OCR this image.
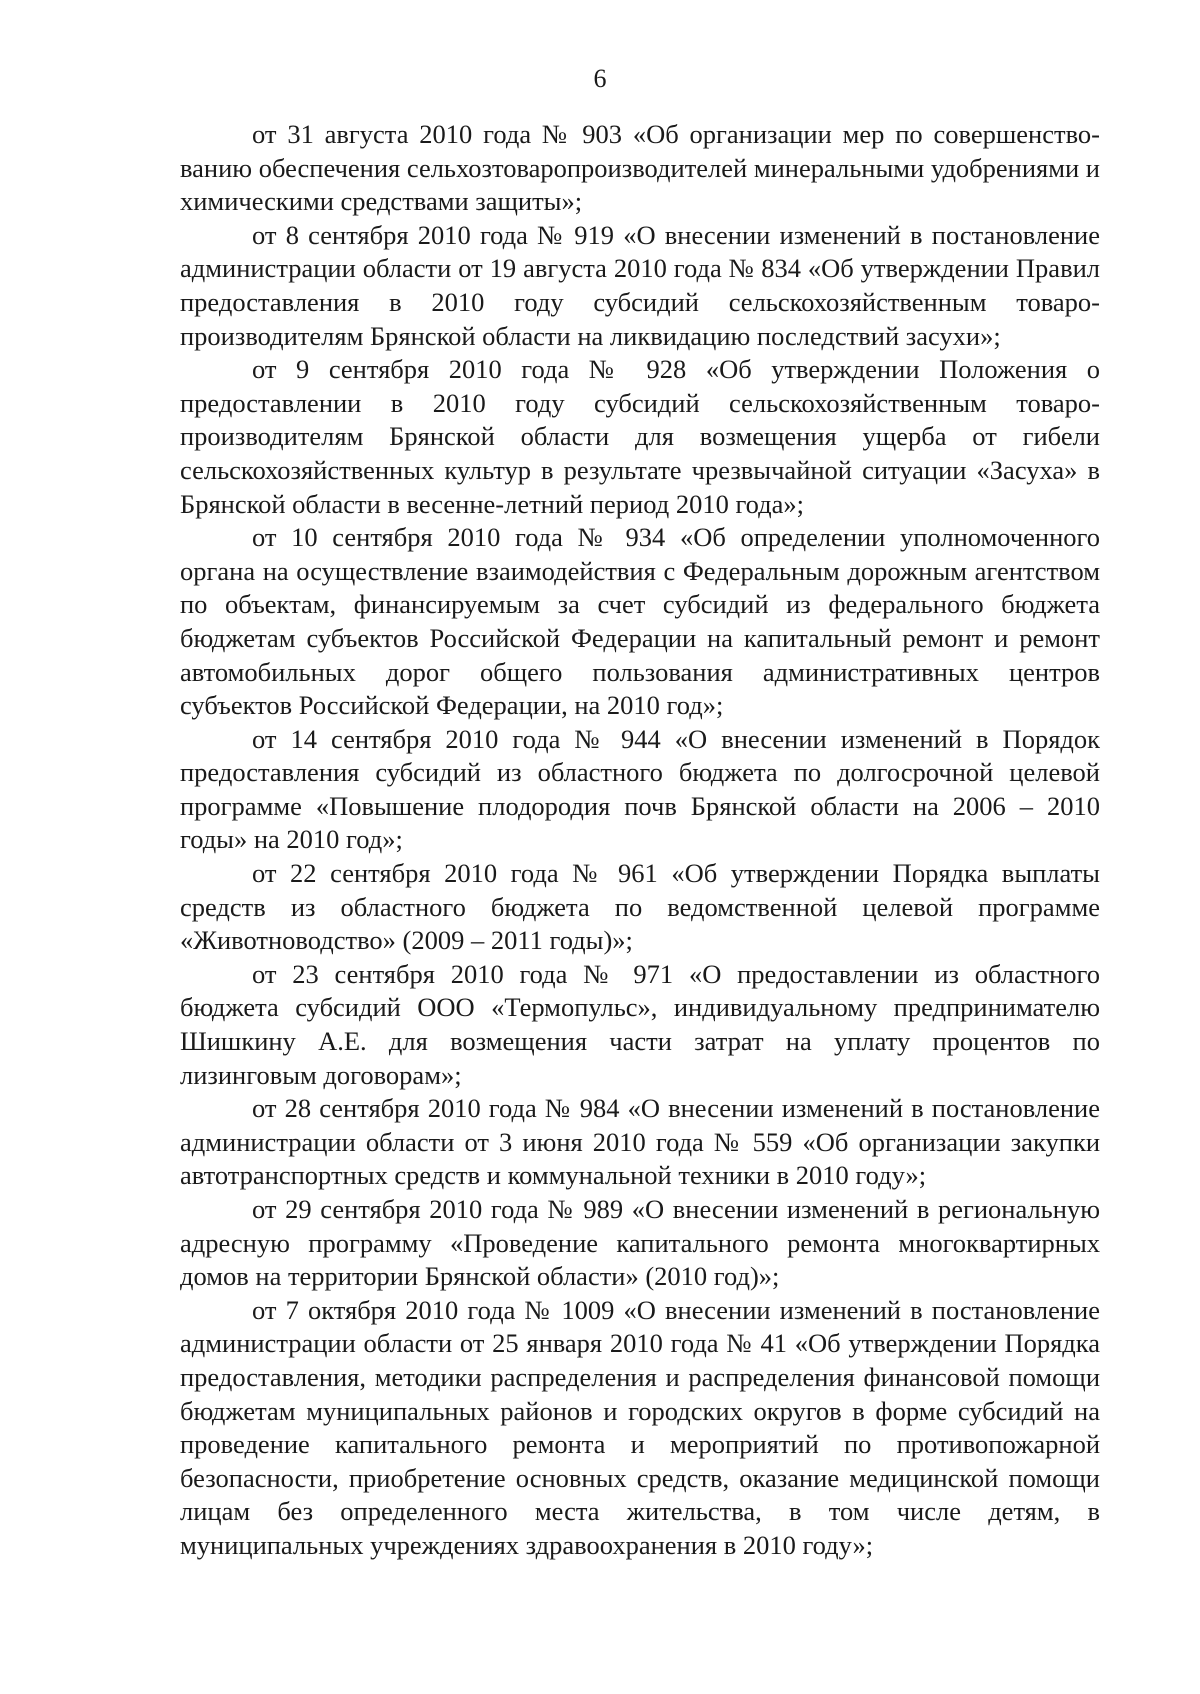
6

от 31 августа 2010 года № 903 «Об организации мер по совершенствованию обеспечения сельхозтоваропроизводителей минеральными удобрениями и химическими средствами защиты»;

от 8 сентября 2010 года № 919 «О внесении изменений в постановление администрации области от 19 августа 2010 года № 834 «Об утверждении Правил предоставления в 2010 году субсидий сельскохозяйственным товаропроизводителям Брянской области на ликвидацию последствий засухи»;

от 9 сентября 2010 года № 928 «Об утверждении Положения о предоставлении в 2010 году субсидий сельскохозяйственным товаропроизводителям Брянской области для возмещения ущерба от гибели сельскохозяйственных культур в результате чрезвычайной ситуации «Засуха» в Брянской области в весенне-летний период 2010 года»;

от 10 сентября 2010 года № 934 «Об определении уполномоченного органа на осуществление взаимодействия с Федеральным дорожным агентством по объектам, финансируемым за счет субсидий из федерального бюджета бюджетам субъектов Российской Федерации на капитальный ремонт и ремонт автомобильных дорог общего пользования административных центров субъектов Российской Федерации, на 2010 год»;

от 14 сентября 2010 года № 944 «О внесении изменений в Порядок предоставления субсидий из областного бюджета по долгосрочной целевой программе «Повышение плодородия почв Брянской области на 2006 – 2010 годы» на 2010 год»;

от 22 сентября 2010 года № 961 «Об утверждении Порядка выплаты средств из областного бюджета по ведомственной целевой программе «Животноводство» (2009 – 2011 годы)»;

от 23 сентября 2010 года № 971 «О предоставлении из областного бюджета субсидий ООО «Термопульс», индивидуальному предпринимателю Шишкину А.Е. для возмещения части затрат на уплату процентов по лизинговым договорам»;

от 28 сентября 2010 года № 984 «О внесении изменений в постановление администрации области от 3 июня 2010 года № 559 «Об организации закупки автотранспортных средств и коммунальной техники в 2010 году»;

от 29 сентября 2010 года № 989 «О внесении изменений в региональную адресную программу «Проведение капитального ремонта многоквартирных домов на территории Брянской области» (2010 год)»;

от 7 октября 2010 года № 1009 «О внесении изменений в постановление администрации области от 25 января 2010 года № 41 «Об утверждении Порядка предоставления, методики распределения и распределения финансовой помощи бюджетам муниципальных районов и городских округов в форме субсидий на проведение капитального ремонта и мероприятий по противопожарной безопасности, приобретение основных средств, оказание медицинской помощи лицам без определенного места жительства, в том числе детям, в муниципальных учреждениях здравоохранения в 2010 году»;
